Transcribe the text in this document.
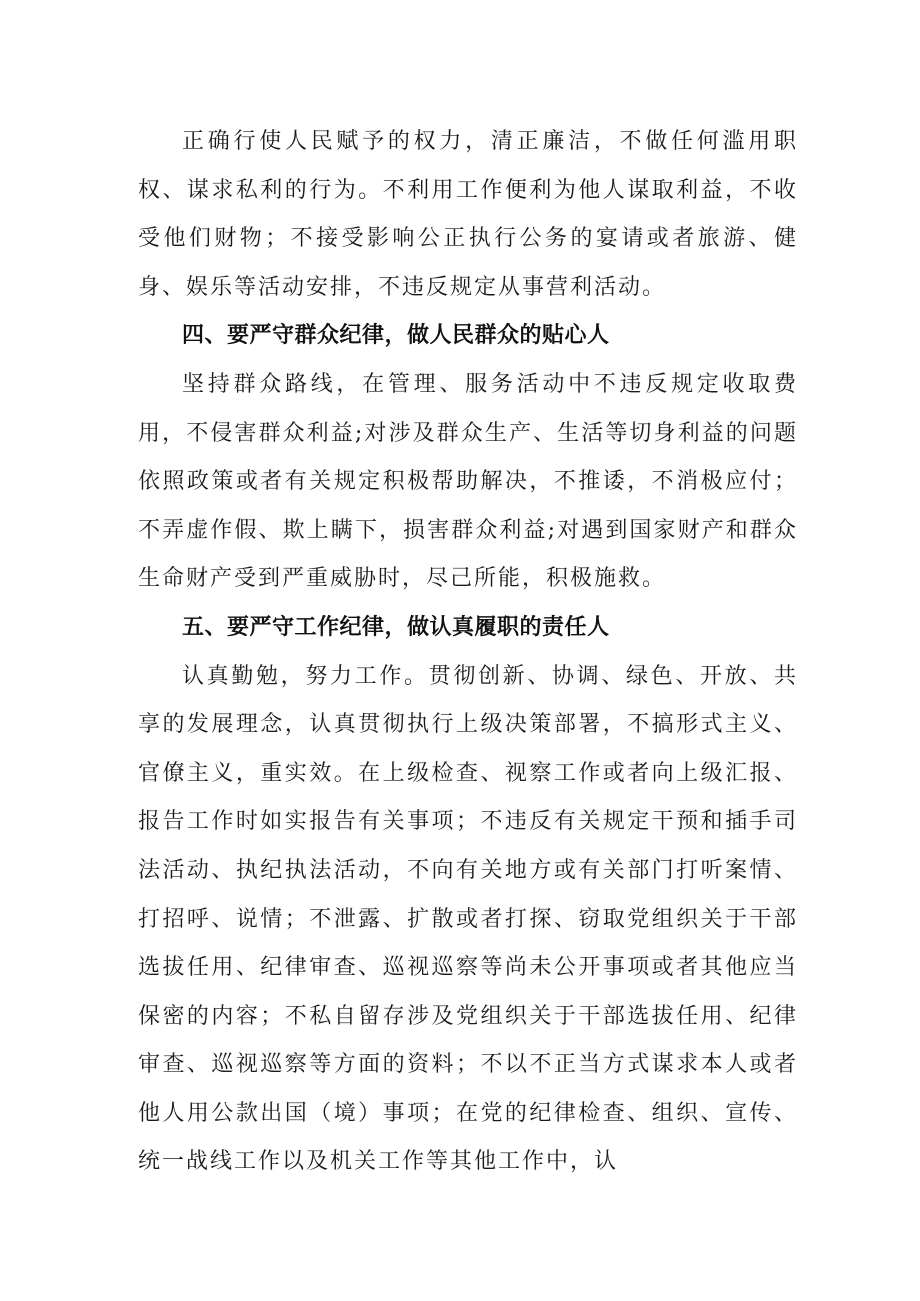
正确行使人民赋予的权力，清正廉洁，不做任何滥用职权、谋求私利的行为。不利用工作便利为他人谋取利益，不收受他们财物；不接受影响公正执行公务的宴请或者旅游、健身、娱乐等活动安排，不违反规定从事营利活动。

四、要严守群众纪律，做人民群众的贴心人

坚持群众路线，在管理、服务活动中不违反规定收取费用，不侵害群众利益;对涉及群众生产、生活等切身利益的问题依照政策或者有关规定积极帮助解决，不推诿，不消极应付；不弄虚作假、欺上瞒下，损害群众利益;对遇到国家财产和群众生命财产受到严重威胁时，尽己所能，积极施救。

五、要严守工作纪律，做认真履职的责任人

认真勤勉，努力工作。贯彻创新、协调、绿色、开放、共享的发展理念，认真贯彻执行上级决策部署，不搞形式主义、官僚主义，重实效。在上级检查、视察工作或者向上级汇报、报告工作时如实报告有关事项；不违反有关规定干预和插手司法活动、执纪执法活动，不向有关地方或有关部门打听案情、打招呼、说情；不泄露、扩散或者打探、窃取党组织关于干部选拔任用、纪律审查、巡视巡察等尚未公开事项或者其他应当保密的内容；不私自留存涉及党组织关于干部选拔任用、纪律审查、巡视巡察等方面的资料；不以不正当方式谋求本人或者他人用公款出国（境）事项；在党的纪律检查、组织、宣传、统一战线工作以及机关工作等其他工作中，认
